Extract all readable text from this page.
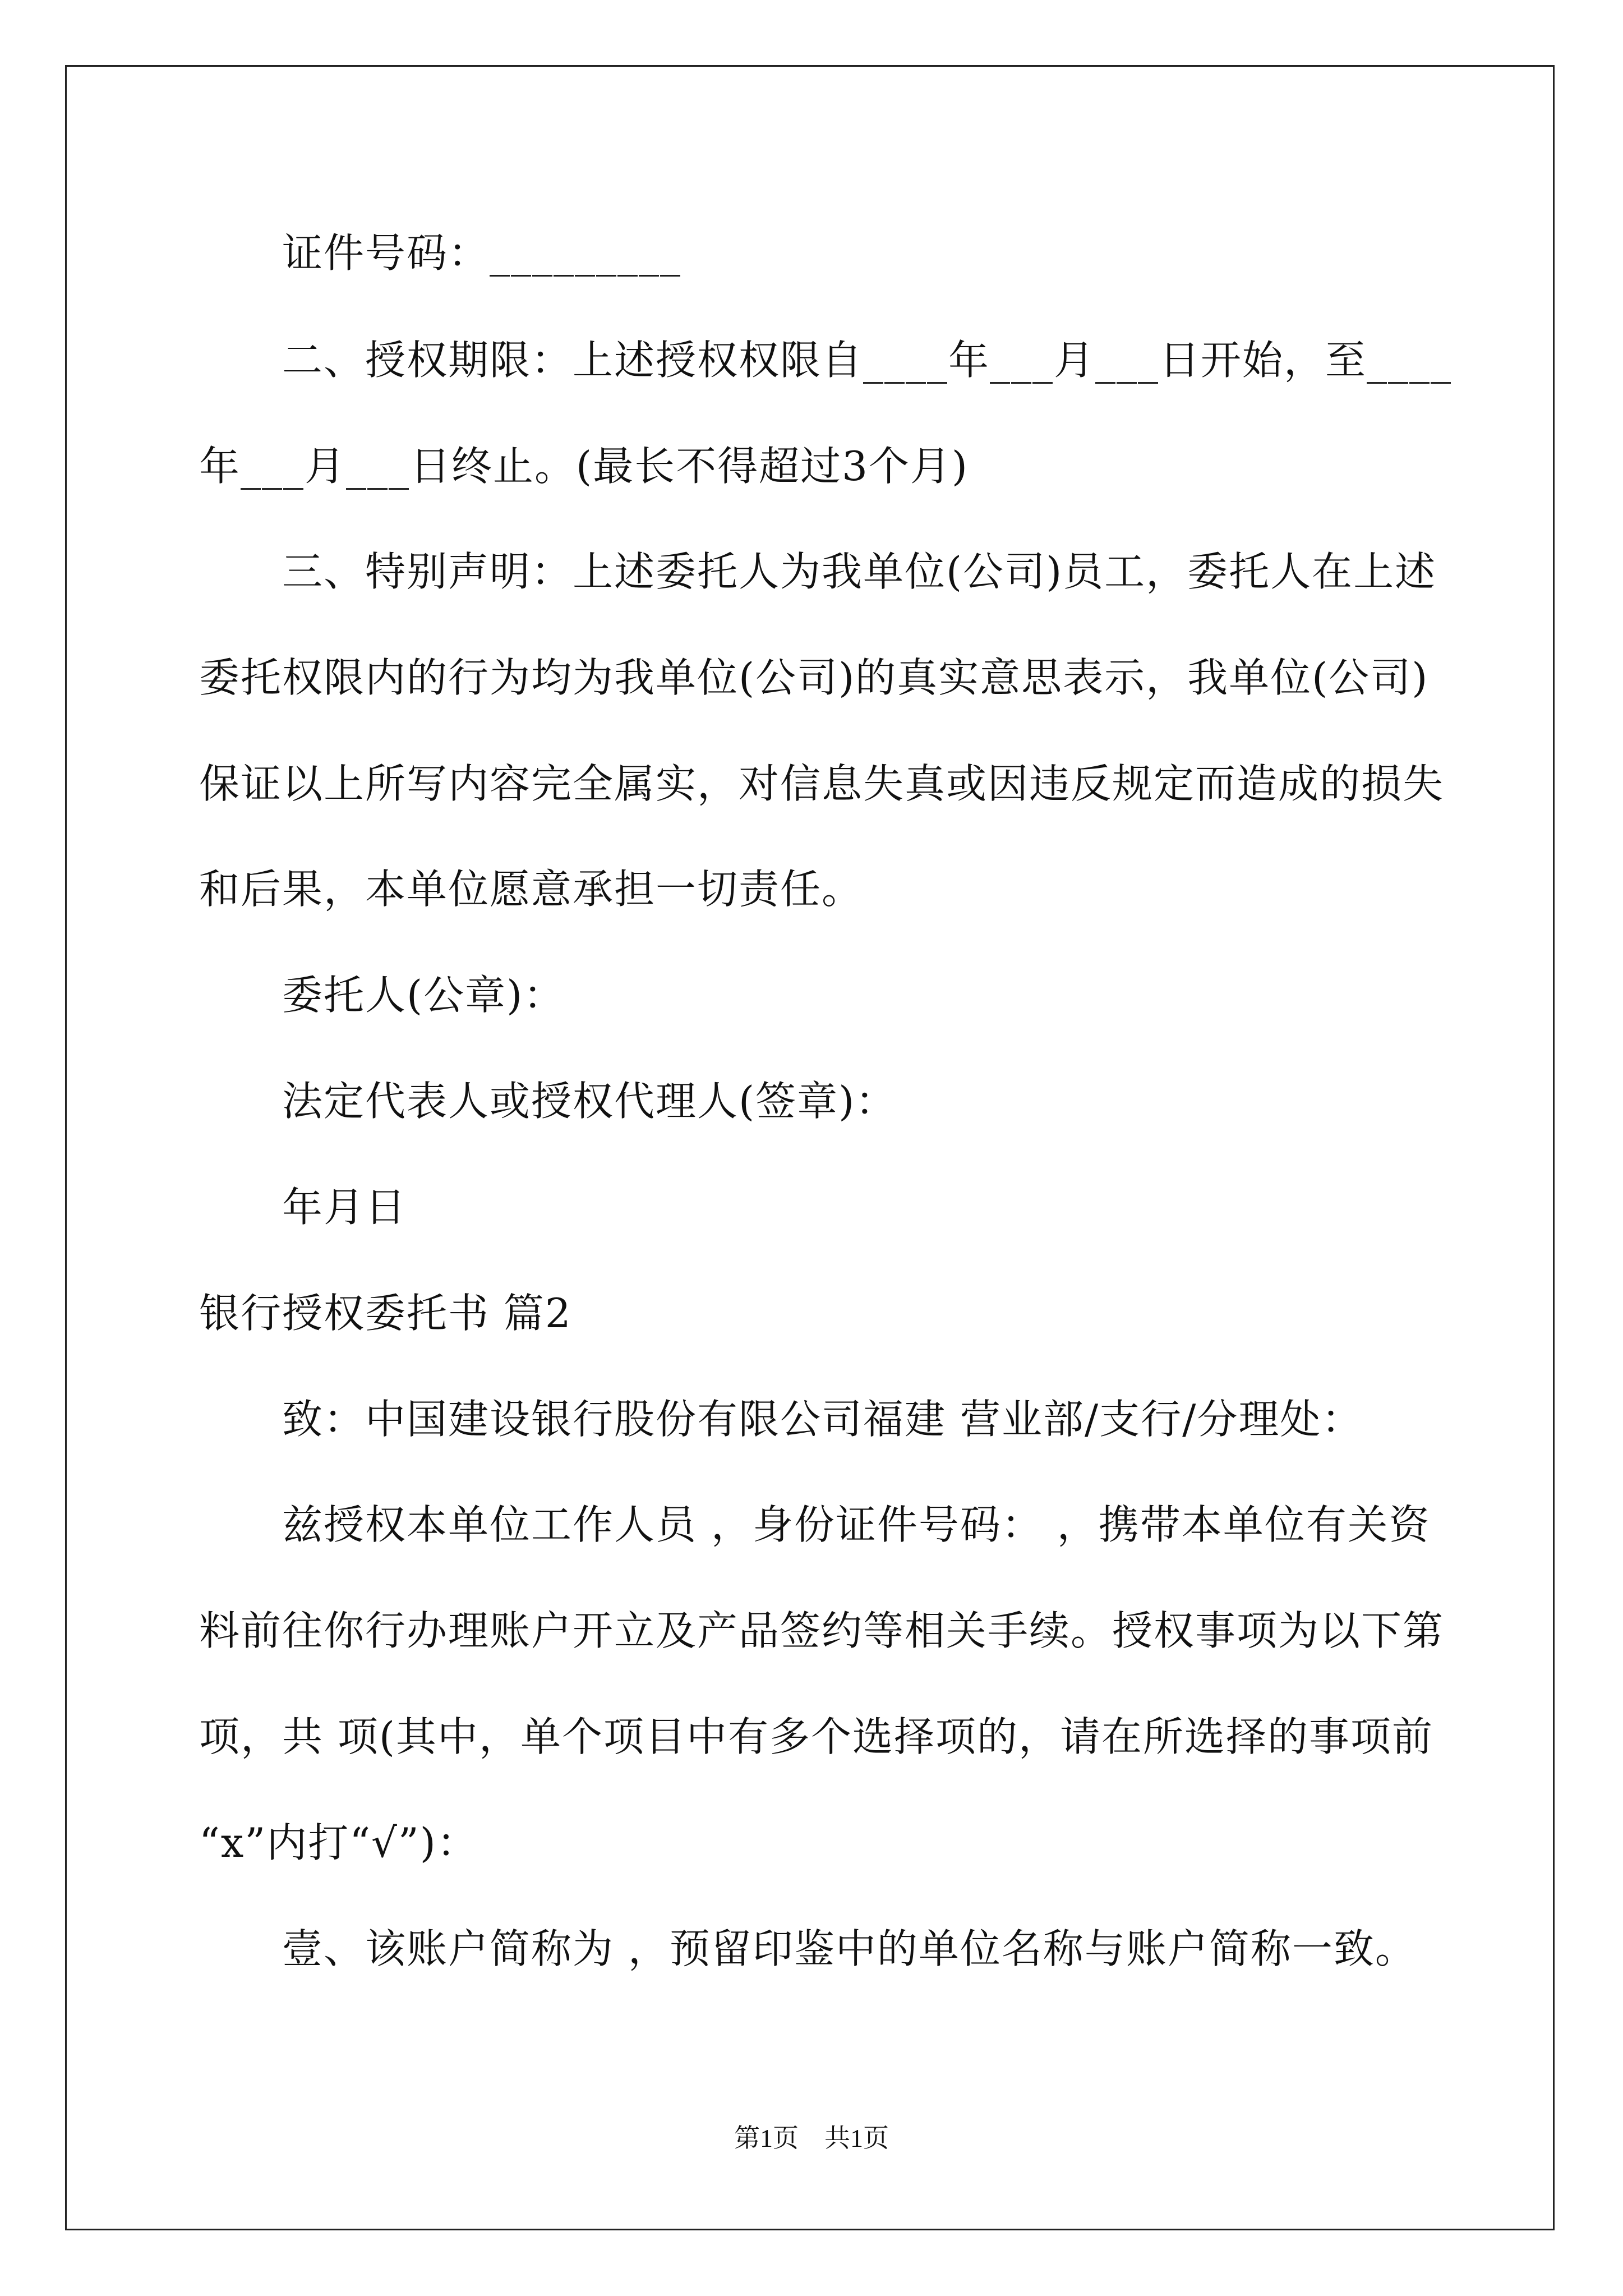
证件号码：_________
二、授权期限：上述授权权限自____年___月___日开始，至____
年___月___日终止。(最长不得超过3个月)
三、特别声明：上述委托人为我单位(公司)员工，委托人在上述
委托权限内的行为均为我单位(公司)的真实意思表示，我单位(公司)
保证以上所写内容完全属实，对信息失真或因违反规定而造成的损失
和后果，本单位愿意承担一切责任。
委托人(公章)：
法定代表人或授权代理人(签章)：
年月日
银行授权委托书 篇2
致：中国建设银行股份有限公司福建 营业部/支行/分理处：
兹授权本单位工作人员 ，身份证件号码： ，携带本单位有关资
料前往你行办理账户开立及产品签约等相关手续。授权事项为以下第
项，共 项(其中，单个项目中有多个选择项的，请在所选择的事项前
“x”内打“√”)：
壹、该账户简称为 ，预留印鉴中的单位名称与账户简称一致。
第1页　共1页
